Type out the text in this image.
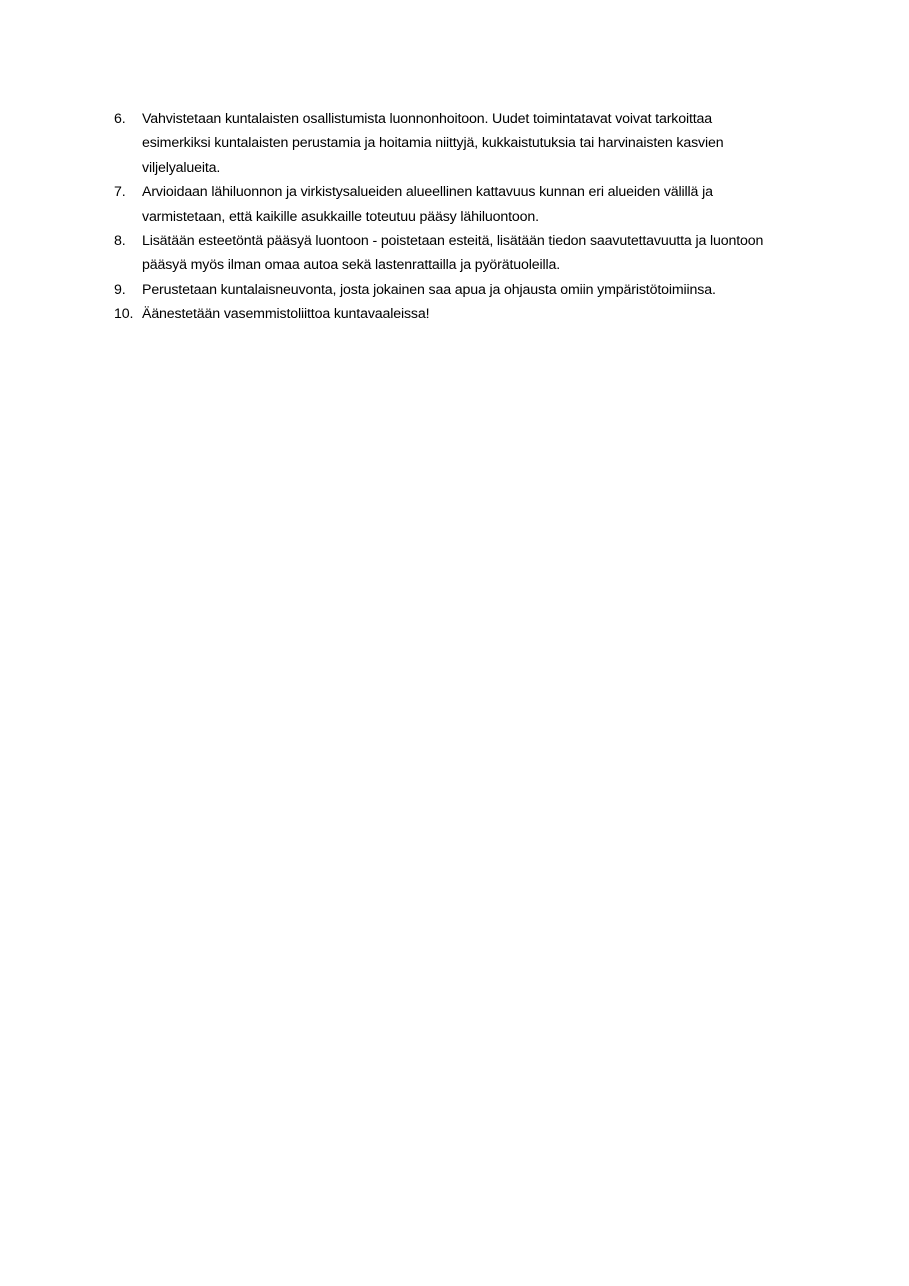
6.	Vahvistetaan kuntalaisten osallistumista luonnonhoitoon. Uudet toimintatavat voivat tarkoittaa
esimerkiksi kuntalaisten perustamia ja hoitamia niittyjä, kukkaistutuksia tai harvinaisten kasvien
viljelyalueita.
7.	Arvioidaan lähiluonnon ja virkistysalueiden alueellinen kattavuus kunnan eri alueiden välillä ja
varmistetaan, että kaikille asukkaille toteutuu pääsy lähiluontoon.
8.	Lisätään esteetöntä pääsyä luontoon - poistetaan esteitä, lisätään tiedon saavutettavuutta ja luontoon
pääsyä myös ilman omaa autoa sekä lastenrattailla ja pyörätuoleilla.
9.	Perustetaan kuntalaisneuvonta, josta jokainen saa apua ja ohjausta omiin ympäristötoimiinsa.
10. Äänestetään vasemmistoliittoa kuntavaaleissa!
